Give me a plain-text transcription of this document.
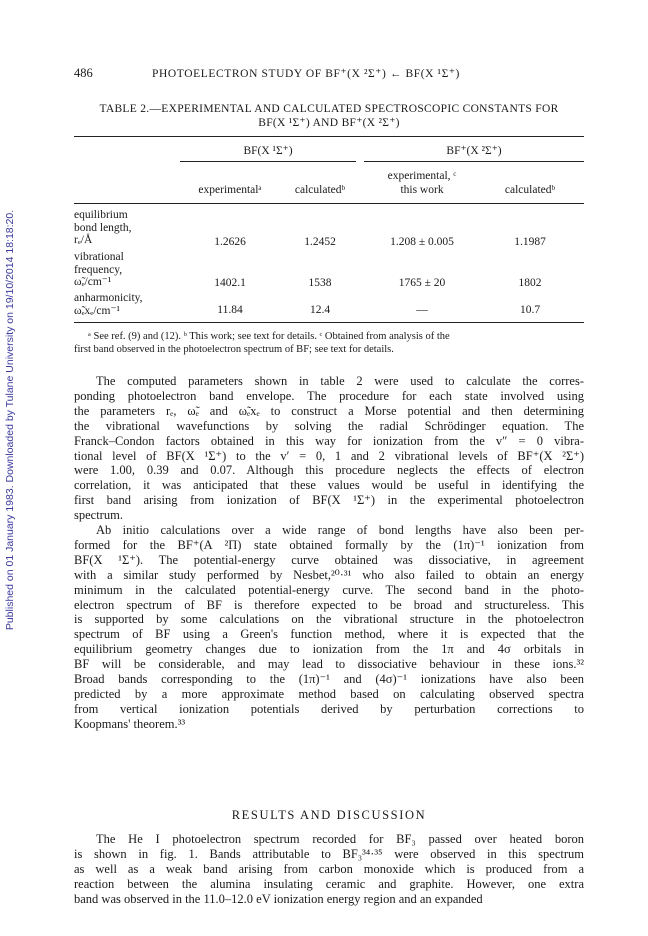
Published on 01 January 1983. Downloaded by Tulane University on 19/10/2014 18:18:20.
486	PHOTOELECTRON STUDY OF BF⁺(X ²Σ⁺) ← BF(X ¹Σ⁺)
TABLE 2.—EXPERIMENTAL AND CALCULATED SPECTROSCOPIC CONSTANTS FOR
BF(X ¹Σ⁺) AND BF⁺(X ²Σ⁺)
BF(X ¹Σ⁺)	BF⁺(X ²Σ⁺)
experimentalᵃ	calculatedᵇ
experimental, ᶜ
this work	calculatedᵇ
equilibrium
bond length,
rₑ/Å	1.2626	1.2452	1.208 ± 0.005	1.1987
vibrational
frequency,
ω̃ₑ/cm⁻¹	1402.1	1538	1765 ± 20	1802
anharmonicity,
ω̃ₑxₑ/cm⁻¹	11.84	12.4	—	10.7
ᵃ See ref. (9) and (12). ᵇ This work; see text for details. ᶜ Obtained from analysis of the
first band observed in the photoelectron spectrum of BF; see text for details.
The computed parameters shown in table 2 were used to calculate the corres-
ponding photoelectron band envelope. The procedure for each state involved using
the parameters rₑ, ω̃ₑ and ω̃ₑxₑ to construct a Morse potential and then determining
the vibrational wavefunctions by solving the radial Schrödinger equation. The
Franck–Condon factors obtained in this way for ionization from the v″ = 0 vibra-
tional level of BF(X ¹Σ⁺) to the v′ = 0, 1 and 2 vibrational levels of BF⁺(X ²Σ⁺)
were 1.00, 0.39 and 0.07. Although this procedure neglects the effects of electron
correlation, it was anticipated that these values would be useful in identifying the
first band arising from ionization of BF(X ¹Σ⁺) in the experimental photoelectron
spectrum.
Ab initio calculations over a wide range of bond lengths have also been per-
formed for the BF⁺(A ²Π) state obtained formally by the (1π)⁻¹ ionization from
BF(X ¹Σ⁺). The potential-energy curve obtained was dissociative, in agreement
with a similar study performed by Nesbet,²⁰·³¹ who also failed to obtain an energy
minimum in the calculated potential-energy curve. The second band in the photo-
electron spectrum of BF is therefore expected to be broad and structureless. This
is supported by some calculations on the vibrational structure in the photoelectron
spectrum of BF using a Green's function method, where it is expected that the
equilibrium geometry changes due to ionization from the 1π and 4σ orbitals in
BF will be considerable, and may lead to dissociative behaviour in these ions.³²
Broad bands corresponding to the (1π)⁻¹ and (4σ)⁻¹ ionizations have also been
predicted by a more approximate method based on calculating observed spectra
from vertical ionization potentials derived by perturbation corrections to
Koopmans' theorem.³³
RESULTS AND DISCUSSION
The He I photoelectron spectrum recorded for BF₃ passed over heated boron
is shown in fig. 1. Bands attributable to BF₃³⁴·³⁵ were observed in this spectrum
as well as a weak band arising from carbon monoxide which is produced from a
reaction between the alumina insulating ceramic and graphite. However, one extra
band was observed in the 11.0–12.0 eV ionization energy region and an expanded
